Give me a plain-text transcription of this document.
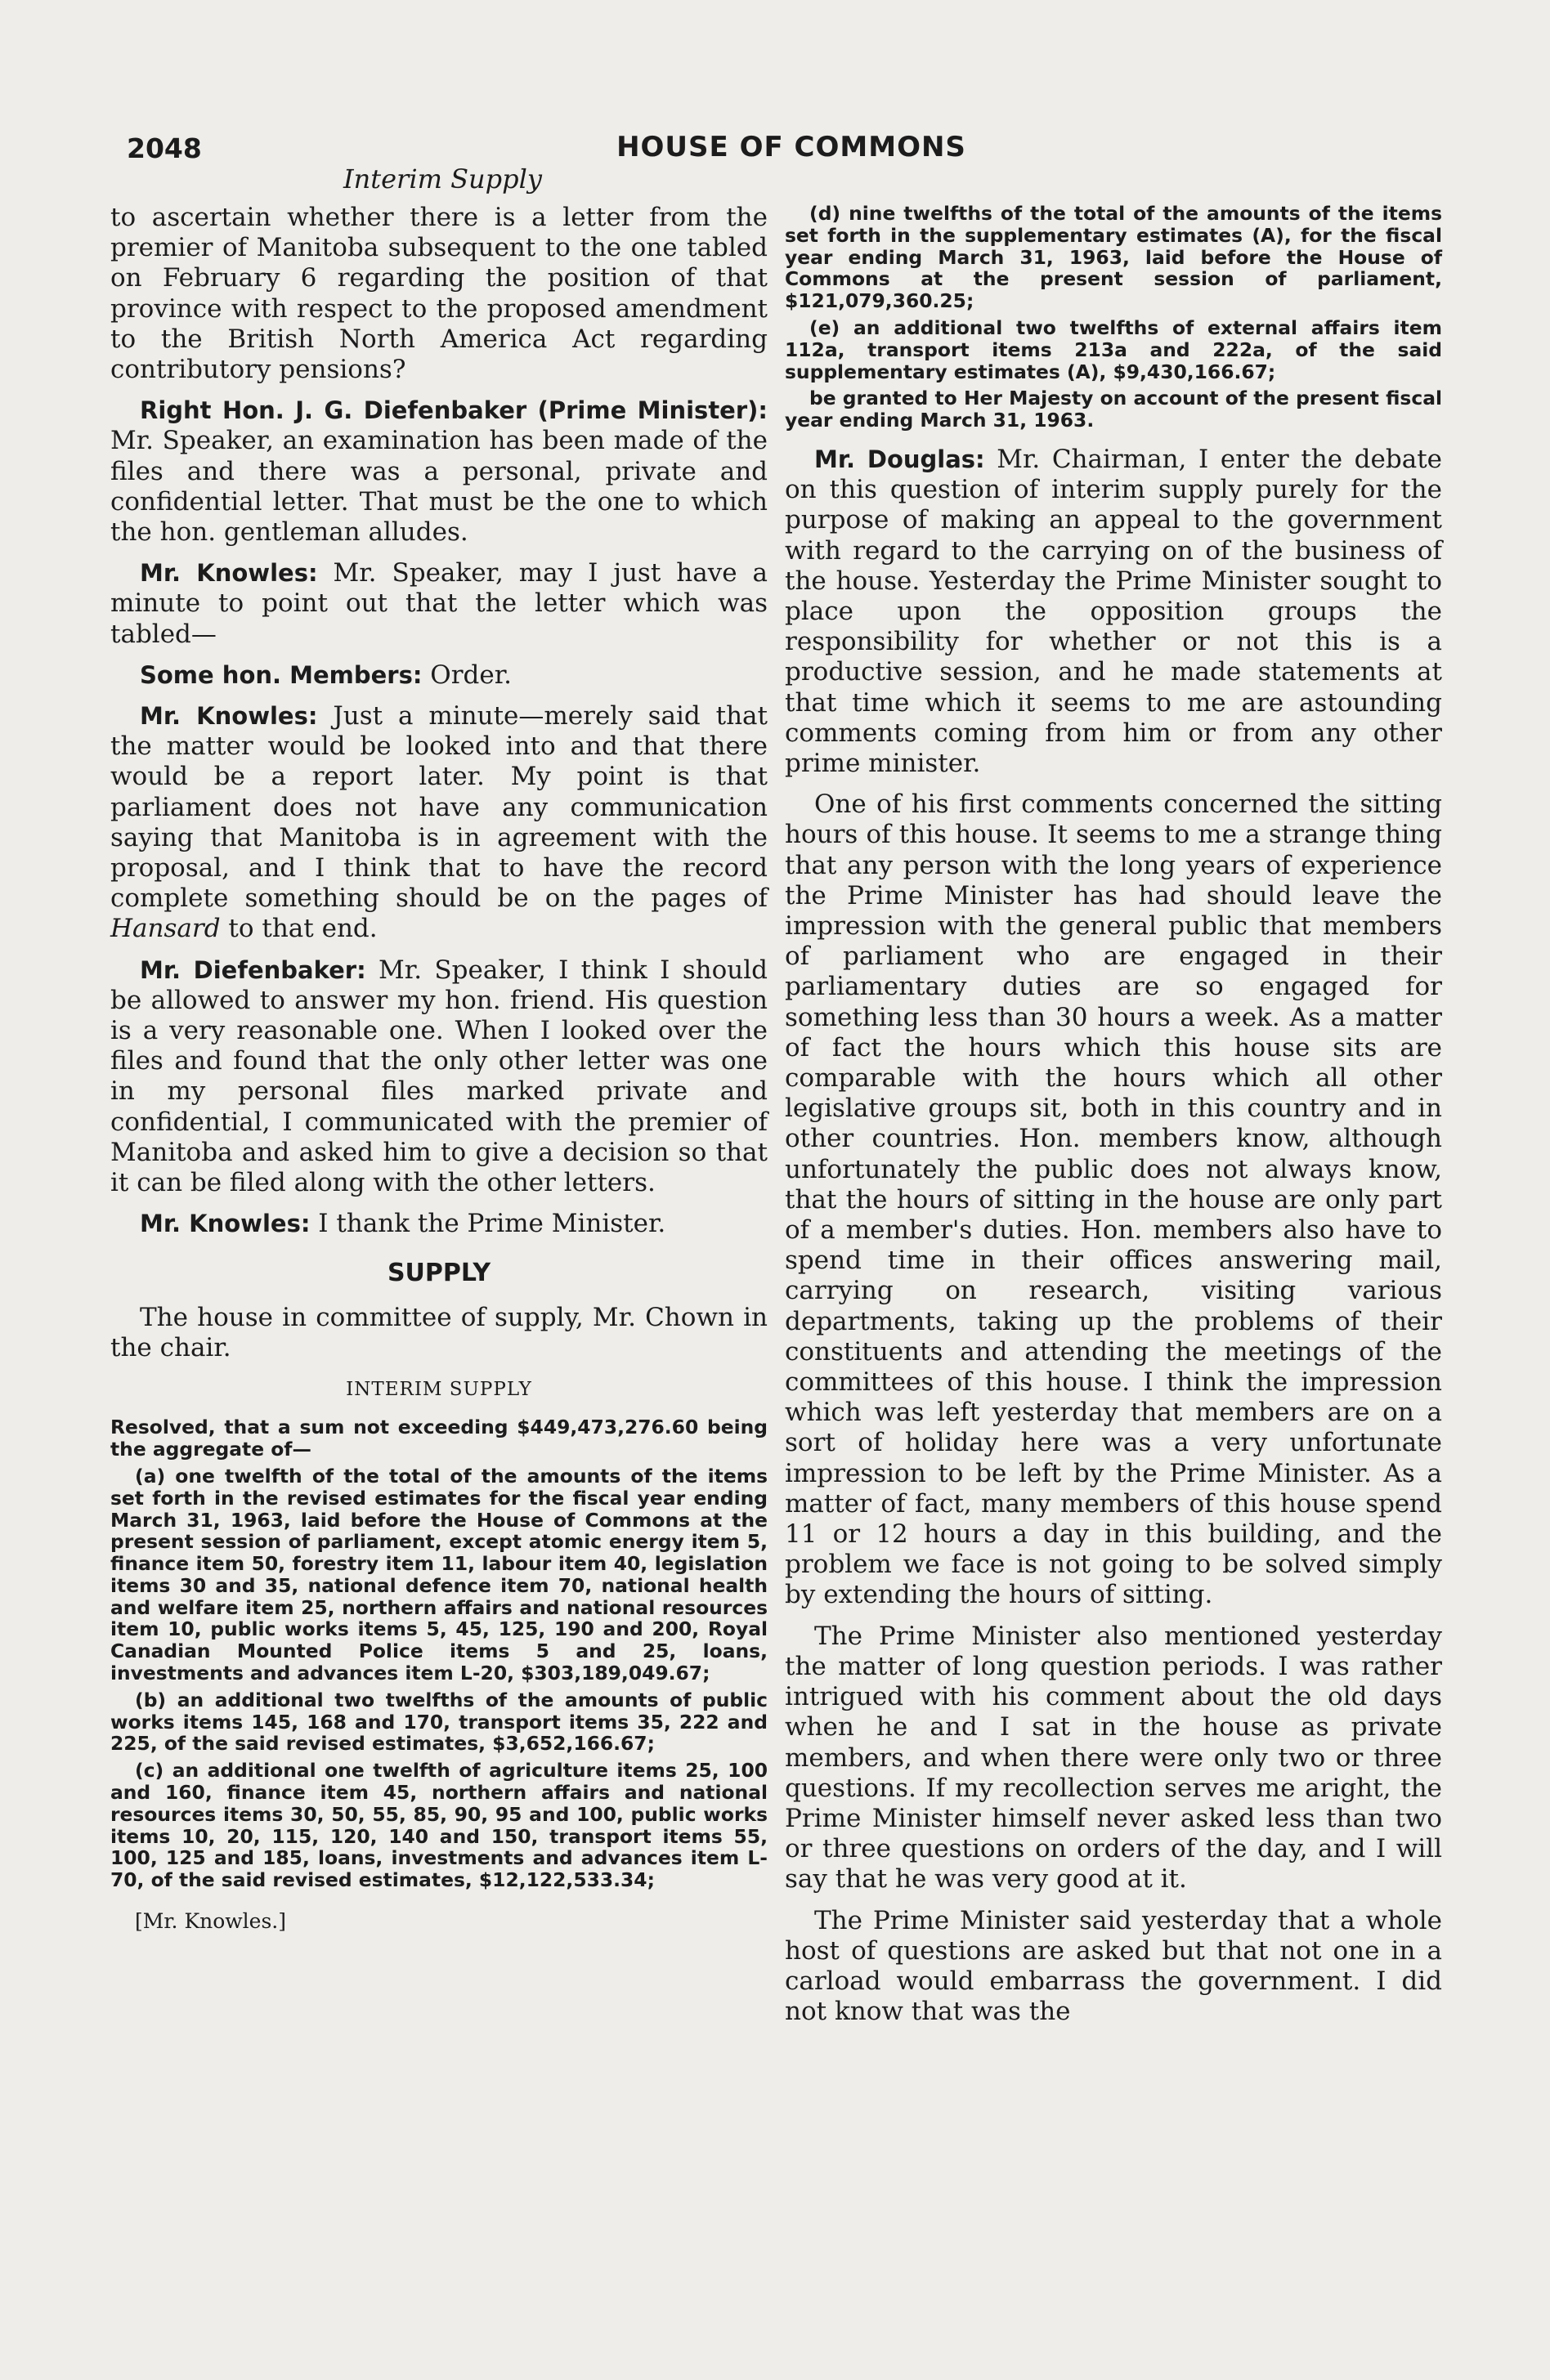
2048	HOUSE OF COMMONS
Interim Supply

to ascertain whether there is a letter from the premier of Manitoba subsequent to the one tabled on February 6 regarding the position of that province with respect to the proposed amendment to the British North America Act regarding contributory pensions?

Right Hon. J. G. Diefenbaker (Prime Minister): Mr. Speaker, an examination has been made of the files and there was a personal, private and confidential letter. That must be the one to which the hon. gentleman alludes.

Mr. Knowles: Mr. Speaker, may I just have a minute to point out that the letter which was tabled—

Some hon. Members: Order.

Mr. Knowles: Just a minute—merely said that the matter would be looked into and that there would be a report later. My point is that parliament does not have any communication saying that Manitoba is in agreement with the proposal, and I think that to have the record complete something should be on the pages of Hansard to that end.

Mr. Diefenbaker: Mr. Speaker, I think I should be allowed to answer my hon. friend. His question is a very reasonable one. When I looked over the files and found that the only other letter was one in my personal files marked private and confidential, I communicated with the premier of Manitoba and asked him to give a decision so that it can be filed along with the other letters.

Mr. Knowles: I thank the Prime Minister.

SUPPLY

The house in committee of supply, Mr. Chown in the chair.

INTERIM SUPPLY

Resolved, that a sum not exceeding $449,473,276.60 being the aggregate of—

(a) one twelfth of the total of the amounts of the items set forth in the revised estimates for the fiscal year ending March 31, 1963, laid before the House of Commons at the present session of parliament, except atomic energy item 5, finance item 50, forestry item 11, labour item 40, legislation items 30 and 35, national defence item 70, national health and welfare item 25, northern affairs and national resources item 10, public works items 5, 45, 125, 190 and 200, Royal Canadian Mounted Police items 5 and 25, loans, investments and advances item L-20, $303,189,049.67;

(b) an additional two twelfths of the amounts of public works items 145, 168 and 170, transport items 35, 222 and 225, of the said revised estimates, $3,652,166.67;

(c) an additional one twelfth of agriculture items 25, 100 and 160, finance item 45, northern affairs and national resources items 30, 50, 55, 85, 90, 95 and 100, public works items 10, 20, 115, 120, 140 and 150, transport items 55, 100, 125 and 185, loans, investments and advances item L-70, of the said revised estimates, $12,122,533.34;

[Mr. Knowles.]

(d) nine twelfths of the total of the amounts of the items set forth in the supplementary estimates (A), for the fiscal year ending March 31, 1963, laid before the House of Commons at the present session of parliament, $121,079,360.25;

(e) an additional two twelfths of external affairs item 112a, transport items 213a and 222a, of the said supplementary estimates (A), $9,430,166.67;

be granted to Her Majesty on account of the present fiscal year ending March 31, 1963.

Mr. Douglas: Mr. Chairman, I enter the debate on this question of interim supply purely for the purpose of making an appeal to the government with regard to the carrying on of the business of the house. Yesterday the Prime Minister sought to place upon the opposition groups the responsibility for whether or not this is a productive session, and he made statements at that time which it seems to me are astounding comments coming from him or from any other prime minister.

One of his first comments concerned the sitting hours of this house. It seems to me a strange thing that any person with the long years of experience the Prime Minister has had should leave the impression with the general public that members of parliament who are engaged in their parliamentary duties are so engaged for something less than 30 hours a week. As a matter of fact the hours which this house sits are comparable with the hours which all other legislative groups sit, both in this country and in other countries. Hon. members know, although unfortunately the public does not always know, that the hours of sitting in the house are only part of a member's duties. Hon. members also have to spend time in their offices answering mail, carrying on research, visiting various departments, taking up the problems of their constituents and attending the meetings of the committees of this house. I think the impression which was left yesterday that members are on a sort of holiday here was a very unfortunate impression to be left by the Prime Minister. As a matter of fact, many members of this house spend 11 or 12 hours a day in this building, and the problem we face is not going to be solved simply by extending the hours of sitting.

The Prime Minister also mentioned yesterday the matter of long question periods. I was rather intrigued with his comment about the old days when he and I sat in the house as private members, and when there were only two or three questions. If my recollection serves me aright, the Prime Minister himself never asked less than two or three questions on orders of the day, and I will say that he was very good at it.

The Prime Minister said yesterday that a whole host of questions are asked but that not one in a carload would embarrass the government. I did not know that was the
